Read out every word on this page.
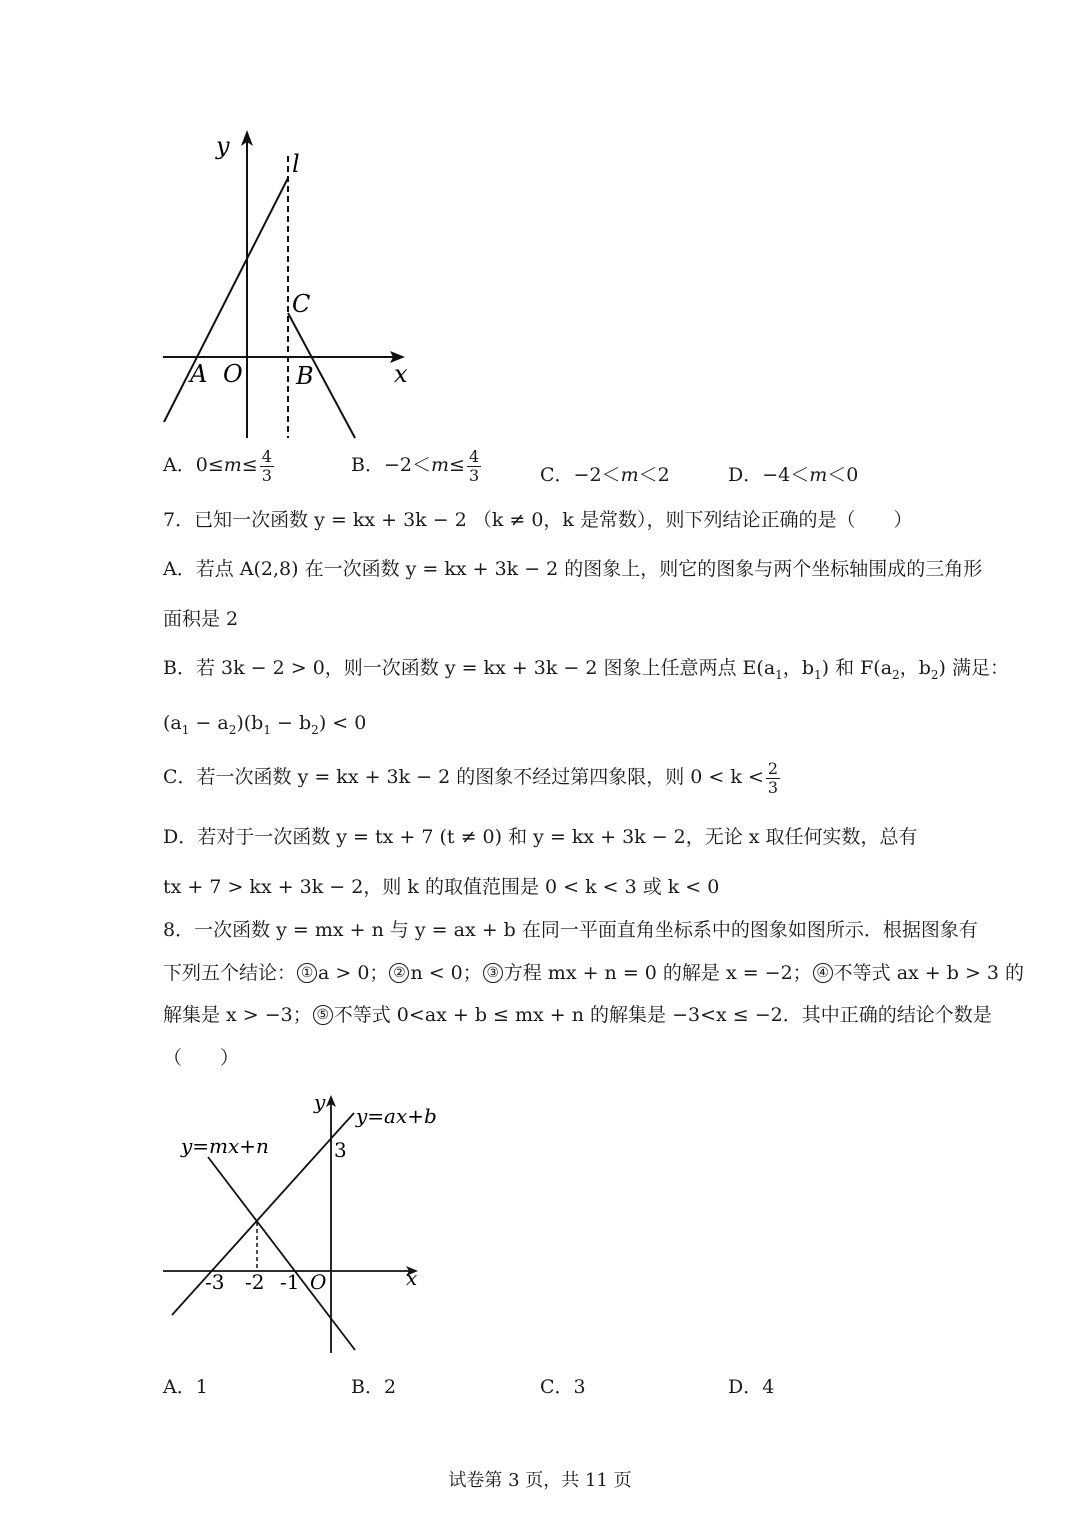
y
l
C
A O B	x
A．$0\le m\le \frac{4}{3}$	B．$-2<m\le \frac{4}{3}$	C．−2＜m＜2	D．−4＜m＜0
7．已知一次函数 y = kx + 3k − 2 （k ≠ 0，k 是常数），则下列结论正确的是（　　）
A．若点 A(2,8) 在一次函数 y = kx + 3k − 2 的图象上，则它的图象与两个坐标轴围成的三角形
面积是 2
B．若 3k − 2 > 0，则一次函数 y = kx + 3k − 2 图象上任意两点 $E(a_1$，$b_1$) 和 $F(a_2$，$b_2$) 满足：
$(a_1 - a_2)(b_1 - b_2) < 0$
C．若一次函数 y = kx + 3k − 2 的图象不经过第四象限，则 $0 < k < \frac{2}{3}$
D．若对于一次函数 y = tx + 7 (t ≠ 0) 和 y = kx + 3k − 2，无论 x 取任何实数，总有
tx + 7 > kx + 3k − 2，则 k 的取值范围是 0 < k < 3 或 k < 0
8．一次函数 y = mx + n 与 y = ax + b 在同一平面直角坐标系中的图象如图所示．根据图象有
下列五个结论： ① a > 0； ② n < 0； ③ 方程 mx + n = 0 的解是 x = −2； ④ 不等式 ax + b > 3 的
解集是 x > −3； ⑤ 不等式 0<ax + b ≤ mx + n 的解集是 −3<x ≤ −2．其中正确的结论个数是
（　　）
y
y=ax+b
y=mx+n	3
-3 -2 -1 O	x
A．1	B．2	C．3	D．4
试卷第 3 页，共 11 页
